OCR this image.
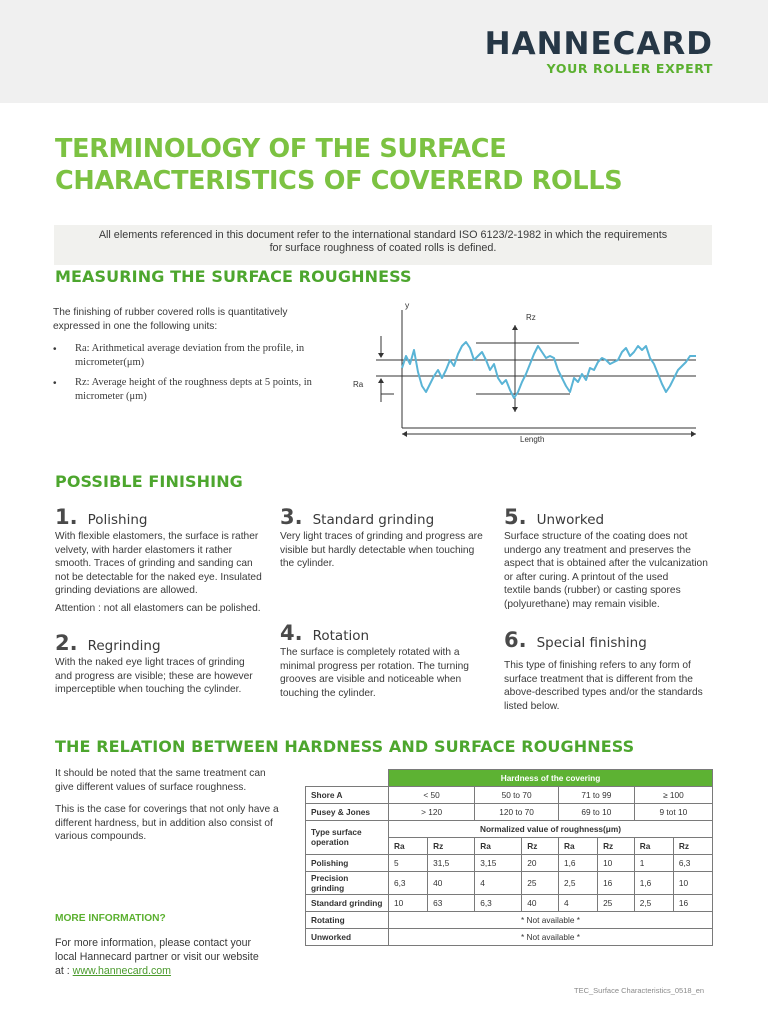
HANNECARD
YOUR ROLLER EXPERT
TERMINOLOGY OF THE SURFACE
CHARACTERISTICS OF COVERERD ROLLS
All elements referenced in this document refer to the international standard ISO 6123/2-1982 in which the requirements
for surface roughness of coated rolls is defined.
MEASURING THE SURFACE ROUGHNESS
The finishing of rubber covered rolls is quantitatively
expressed in one the following units:
• Ra: Arithmetical average deviation from the profile, in
micrometer(μm)
• Rz: Average height of the roughness depts at 5 points, in
micrometer (μm)
y
Rz
Ra
Length
POSSIBLE FINISHING
1. Polishing
With flexible elastomers, the surface is rather
velvety, with harder elastomers it rather
smooth. Traces of grinding and sanding can
not be detectable for the naked eye. Insulated
grinding deviations are allowed.
Attention : not all elastomers can be polished.
2. Regrinding
With the naked eye light traces of grinding
and progress are visible; these are however
imperceptible when touching the cylinder.
3. Standard grinding
Very light traces of grinding and progress are
visible but hardly detectable when touching
the cylinder.
4. Rotation
The surface is completely rotated with a
minimal progress per rotation. The turning
grooves are visible and noticeable when
touching the cylinder.
5. Unworked
Surface structure of the coating does not
undergo any treatment and preserves the
aspect that is obtained after the vulcanization
or after curing. A printout of the used
textile bands (rubber) or casting spores
(polyurethane) may remain visible.
6. Special finishing
This type of finishing refers to any form of
surface treatment that is different from the
above-described types and/or the standards
listed below.
THE RELATION BETWEEN HARDNESS AND SURFACE ROUGHNESS
It should be noted that the same treatment can
give different values of surface roughness.
This is the case for coverings that not only have a
different hardness, but in addition also consist of
various compounds.
	Hardness of the covering							
Shore A	< 50		50 to 70		71 to 99		≥ 100	
Pusey & Jones	> 120		120 to 70		69 to 10		9 tot 10	
Type surface operation	Normalized value of roughness(μm)							
	Ra	Rz	Ra	Rz	Ra	Rz	Ra	Rz
Polishing	5	31,5	3,15	20	1,6	10	1	6,3
Precision grinding	6,3	40	4	25	2,5	16	1,6	10
Standard grinding	10	63	6,3	40	4	25	2,5	16
Rotating	* Not available *							
Unworked	* Not available *							
MORE INFORMATION?
For more information, please contact your
local Hannecard partner or visit our website
at : www.hannecard.com
TEC_Surface Characteristics_0518_en
